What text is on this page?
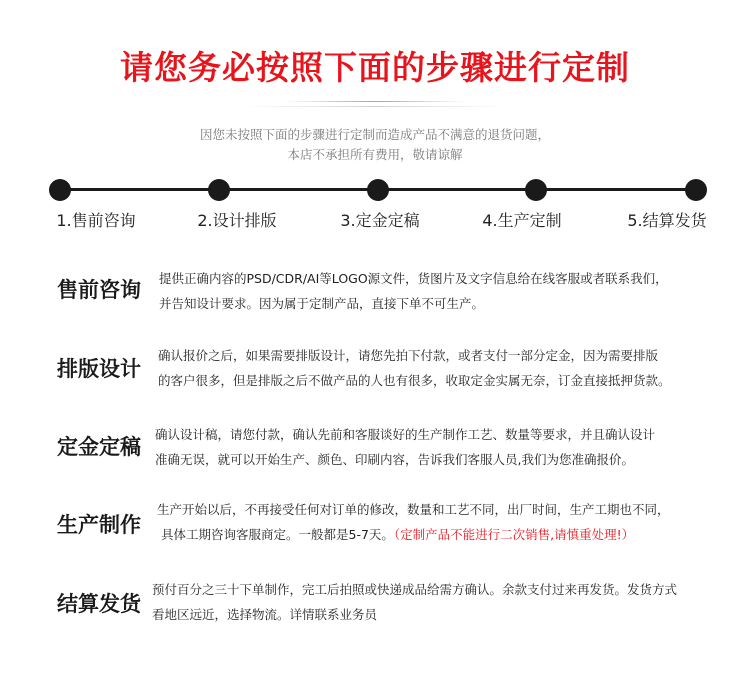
请您务必按照下面的步骤进行定制
因您未按照下面的步骤进行定制而造成产品不满意的退货问题，
本店不承担所有费用，敬请谅解
1.售前咨询	2.设计排版	3.定金定稿	4.生产定制	5.结算发货
售前咨询	提供正确内容的PSD/CDR/AI等LOGO源文件，货图片及文字信息给在线客服或者联系我们，
并告知设计要求。因为属于定制产品，直接下单不可生产。
排版设计
确认报价之后，如果需要排版设计，请您先拍下付款，或者支付一部分定金，因为需要排版
的客户很多，但是排版之后不做产品的人也有很多，收取定金实属无奈，订金直接抵押货款。
定金定稿
确认设计稿，请您付款，确认先前和客服谈好的生产制作工艺、数量等要求，并且确认设计
准确无误，就可以开始生产、颜色、印刷内容，告诉我们客服人员,我们为您准确报价。
生产制作
生产开始以后，不再接受任何对订单的修改，数量和工艺不同，出厂时间，生产工期也不同，
具体工期咨询客服商定。一般都是5-7天。（定制产品不能进行二次销售,请慎重处理!）
结算发货
预付百分之三十下单制作，完工后拍照或快递成品给需方确认。余款支付过来再发货。发货方式
看地区远近，选择物流。详情联系业务员
